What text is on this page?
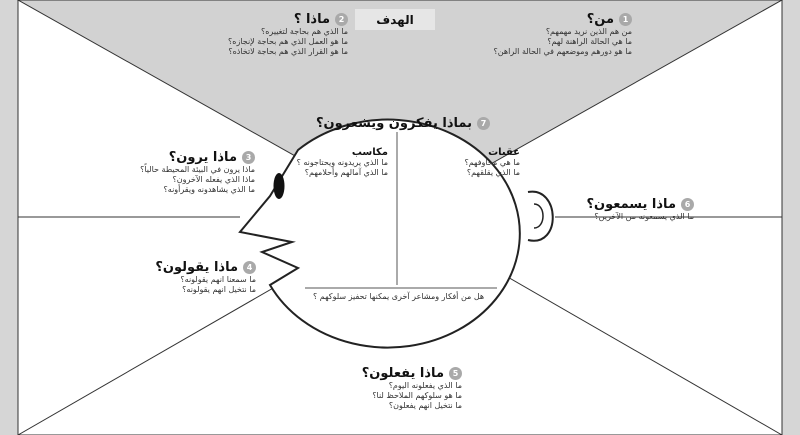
الهدف	1
من؟
من هم الذين نريد مهمهم؟
ما هي الحالة الراهنة لهم؟
ما هو دورهم وموضعهم في الحالة الراهن؟
2
ماذا ؟
ما الذي هم بحاجة لتغييره؟
ما هو العمل الذي هم بحاجة لإنجازه؟
ما هو القرار الذي هم بحاجة لاتخاذه؟
3
ماذا يرون؟
ماذا يرون في البيئة المحيطة حالياً؟
ماذا الذي يفعله الآخرون؟
ما الذي يشاهدونه ويقرأونه؟
4
ماذا يقولون؟
ما سمعنا انهم يقولونه؟
ما نتخيل انهم يقولونه؟
5
ماذا يفعلون؟
ما الذي يفعلونه اليوم؟
ما هو سلوكهم الملاحظ لنا؟
ما نتخيل انهم يفعلون؟
6
ماذا يسمعون؟
ما الذي يسمعونه من الآخرين؟
7
بماذا يفكرون ويشعرون؟
عقبات
ما هي مخاوفهم؟
ما الذي يقلقهم؟
مكاسب
ما الذي يريدونه ويحتاجونه ؟
ما الذي آمالهم وأحلامهم؟
هل من أفكار ومشاعر آخرى يمكنها تحفيز سلوكهم ؟
